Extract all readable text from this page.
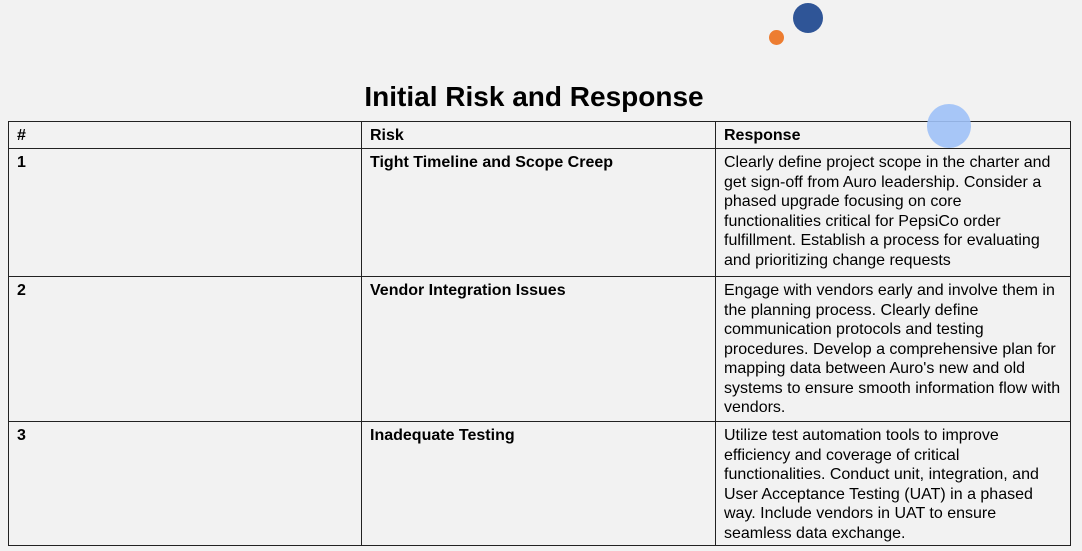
Initial Risk and Response
#	Risk	Response
1	Tight Timeline and Scope Creep	Clearly define project scope in the charter and get sign-off from Auro leadership. Consider a phased upgrade focusing on core functionalities critical for PepsiCo order fulfillment. Establish a process for evaluating and prioritizing change requests
2	Vendor Integration Issues	Engage with vendors early and involve them in the planning process. Clearly define communication protocols and testing procedures. Develop a comprehensive plan for mapping data between Auro's new and old systems to ensure smooth information flow with vendors.
3	Inadequate Testing	Utilize test automation tools to improve efficiency and coverage of critical functionalities. Conduct unit, integration, and User Acceptance Testing (UAT) in a phased way. Include vendors in UAT to ensure seamless data exchange.
